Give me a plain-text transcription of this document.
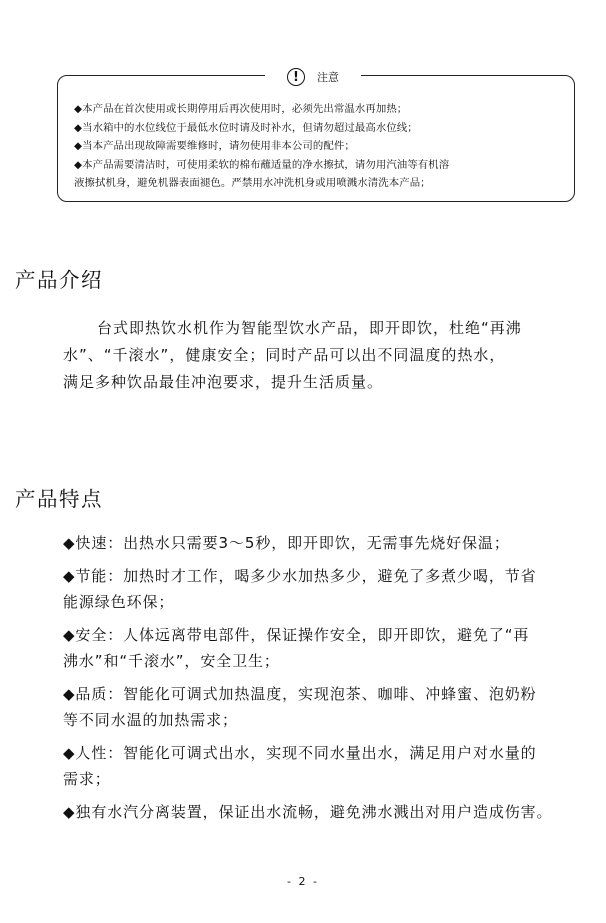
!	注意

◆本产品在首次使用或长期停用后再次使用时，必须先出常温水再加热；

◆当水箱中的水位线位于最低水位时请及时补水，但请勿超过最高水位线；

◆当本产品出现故障需要维修时，请勿使用非本公司的配件；

◆本产品需要清洁时，可使用柔软的棉布蘸适量的净水擦拭，请勿用汽油等有机溶

液擦拭机身，避免机器表面褪色。严禁用水冲洗机身或用喷溅水清洗本产品；

产品介绍

台式即热饮水机作为智能型饮水产品，即开即饮，杜绝“再沸

水”、“千滚水”，健康安全；同时产品可以出不同温度的热水，

满足多种饮品最佳冲泡要求，提升生活质量。

产品特点

◆快速：出热水只需要3～5秒，即开即饮，无需事先烧好保温；

◆节能：加热时才工作，喝多少水加热多少，避免了多煮少喝，节省

能源绿色环保；

◆安全：人体远离带电部件，保证操作安全，即开即饮，避免了“再

沸水”和“千滚水”，安全卫生；

◆品质：智能化可调式加热温度，实现泡茶、咖啡、冲蜂蜜、泡奶粉

等不同水温的加热需求；

◆人性：智能化可调式出水，实现不同水量出水，满足用户对水量的

需求；

◆独有水汽分离装置，保证出水流畅，避免沸水溅出对用户造成伤害。

- 2 -
